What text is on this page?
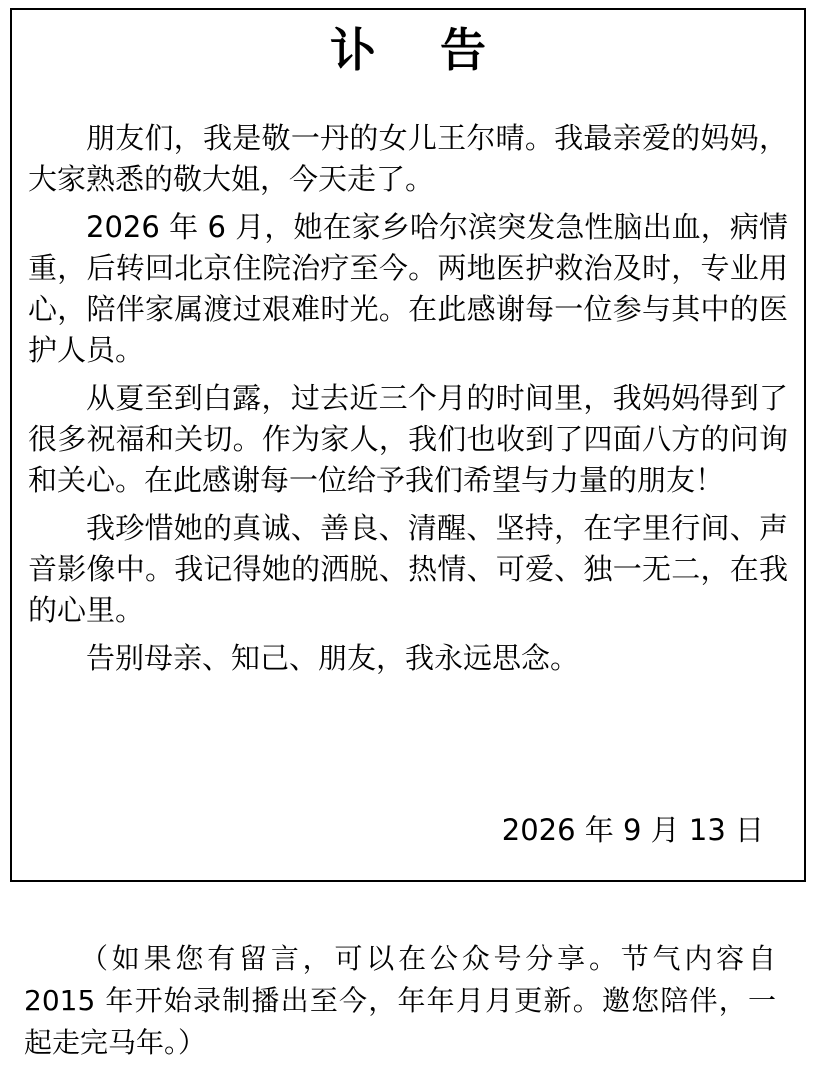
讣 告

朋友们，我是敬一丹的女儿王尔晴。我最亲爱的妈妈，大家熟悉的敬大姐，今天走了。

2026 年 6 月，她在家乡哈尔滨突发急性脑出血，病情重，后转回北京住院治疗至今。两地医护救治及时，专业用心，陪伴家属渡过艰难时光。在此感谢每一位参与其中的医护人员。

从夏至到白露，过去近三个月的时间里，我妈妈得到了很多祝福和关切。作为家人，我们也收到了四面八方的问询和关心。在此感谢每一位给予我们希望与力量的朋友！

我珍惜她的真诚、善良、清醒、坚持，在字里行间、声音影像中。我记得她的洒脱、热情、可爱、独一无二，在我的心里。

告别母亲、知己、朋友，我永远思念。

2026 年 9 月 13 日

（如果您有留言，可以在公众号分享。节气内容自 2015 年开始录制播出至今，年年月月更新。邀您陪伴，一起走完马年。）
